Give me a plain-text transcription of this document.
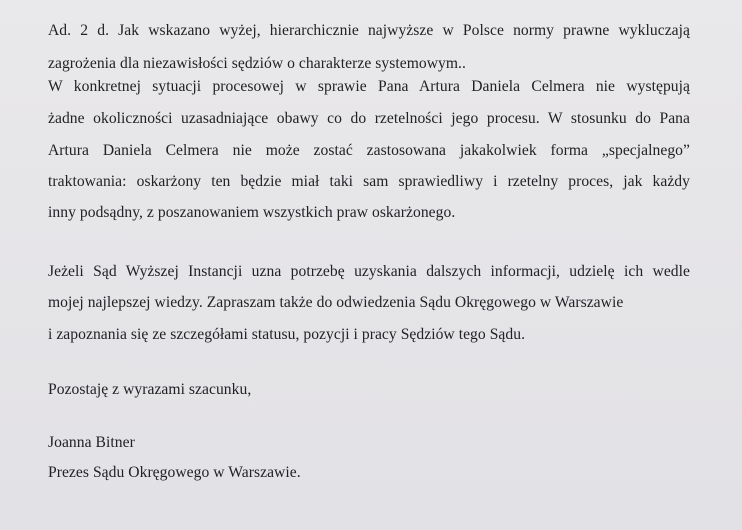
Ad. 2 d. Jak wskazano wyżej, hierarchicznie najwyższe w Polsce normy prawne wykluczają
zagrożenia dla niezawisłości sędziów o charakterze systemowym..
W konkretnej sytuacji procesowej w sprawie Pana Artura Daniela Celmera nie występują
żadne okoliczności uzasadniające obawy co do rzetelności jego procesu. W stosunku do Pana
Artura Daniela Celmera nie może zostać zastosowana jakakolwiek forma „specjalnego”
traktowania: oskarżony ten będzie miał taki sam sprawiedliwy i rzetelny proces, jak każdy
inny podsądny, z poszanowaniem wszystkich praw oskarżonego.
Jeżeli Sąd Wyższej Instancji uzna potrzebę uzyskania dalszych informacji, udzielę ich wedle
mojej najlepszej wiedzy. Zapraszam także do odwiedzenia Sądu Okręgowego w Warszawie
i zapoznania się ze szczegółami statusu, pozycji i pracy Sędziów tego Sądu.
Pozostaję z wyrazami szacunku,
Joanna Bitner
Prezes Sądu Okręgowego w Warszawie.
